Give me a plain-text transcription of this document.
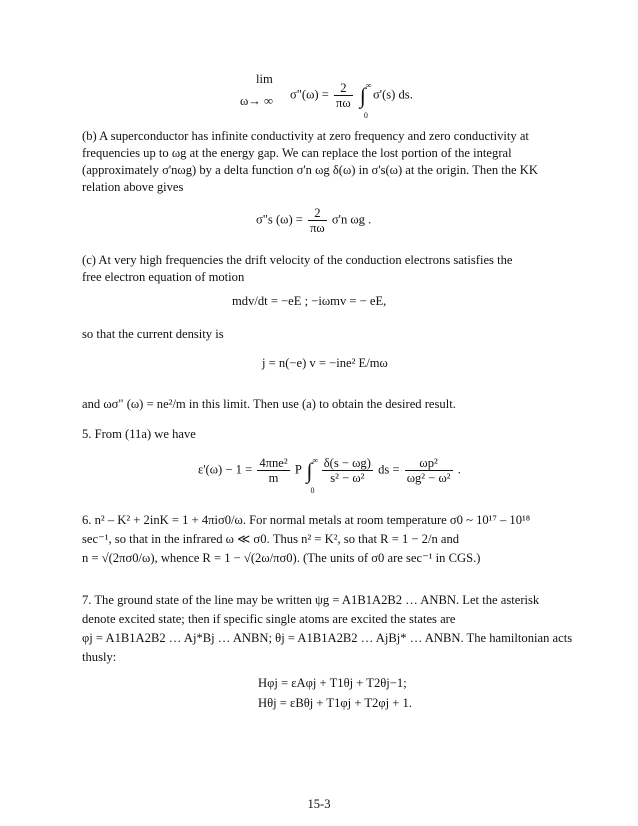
lim
ω→ ∞ σ"(ω) = $\frac{2}{\pi\omega}$ ∫ ∞
0
σ'(s) ds.
(b) A superconductor has infinite conductivity at zero frequency and zero conductivity at
frequencies up to ωg at the energy gap. We can replace the lost portion of the integral
(approximately σ'nωg) by a delta function σ'n ωg δ(ω) in σ's(ω) at the origin. Then the KK
relation above gives
σ"s $(\omega) = \frac{2}{\pi\omega} \sigma'n$ ωg .
(c) At very high frequencies the drift velocity of the conduction electrons satisfies the
free electron equation of motion
mdv/dt = −eE ; −iωmv = − eE,
so that the current density is
j = n(−e) v = −ine² E/mω
and ωσ" (ω) = ne²/m in this limit. Then use (a) to obtain the desired result.
5. From (11a) we have
$\varepsilon'(\omega) - 1 = \frac{\text{4πne²}}{m}$ P ∫ ∞
0

$\frac{\delta(s - \omega g)}{\text{s² − ω²}}$ ds = $\frac{\text{ωp²}}{\text{ωg² − ω²}}$ .
6. n² – K² + 2inK = 1 + 4πiσ0/ω. For normal metals at room temperature σ0 ~ 10¹⁷ – 10¹⁸
sec⁻¹, so that in the infrared ω ≪ σ0. Thus n² = K², so that R = 1 − 2/n and
n = √(2πσ0/ω), whence R = 1 − √(2ω/πσ0). (The units of σ0 are sec⁻¹ in CGS.)
7. The ground state of the line may be written ψg = A1B1A2B2 … ANBN. Let the asterisk
denote excited state; then if specific single atoms are excited the states are
φj = A1B1A2B2 … Aj*Bj … ANBN; θj = A1B1A2B2 … AjBj* … ANBN. The hamiltonian acts
thusly:
Hφj = εAφj + T1θj + T2θj−1;
Hθj = εBθj + T1φj + T2φj + 1.
15-3
